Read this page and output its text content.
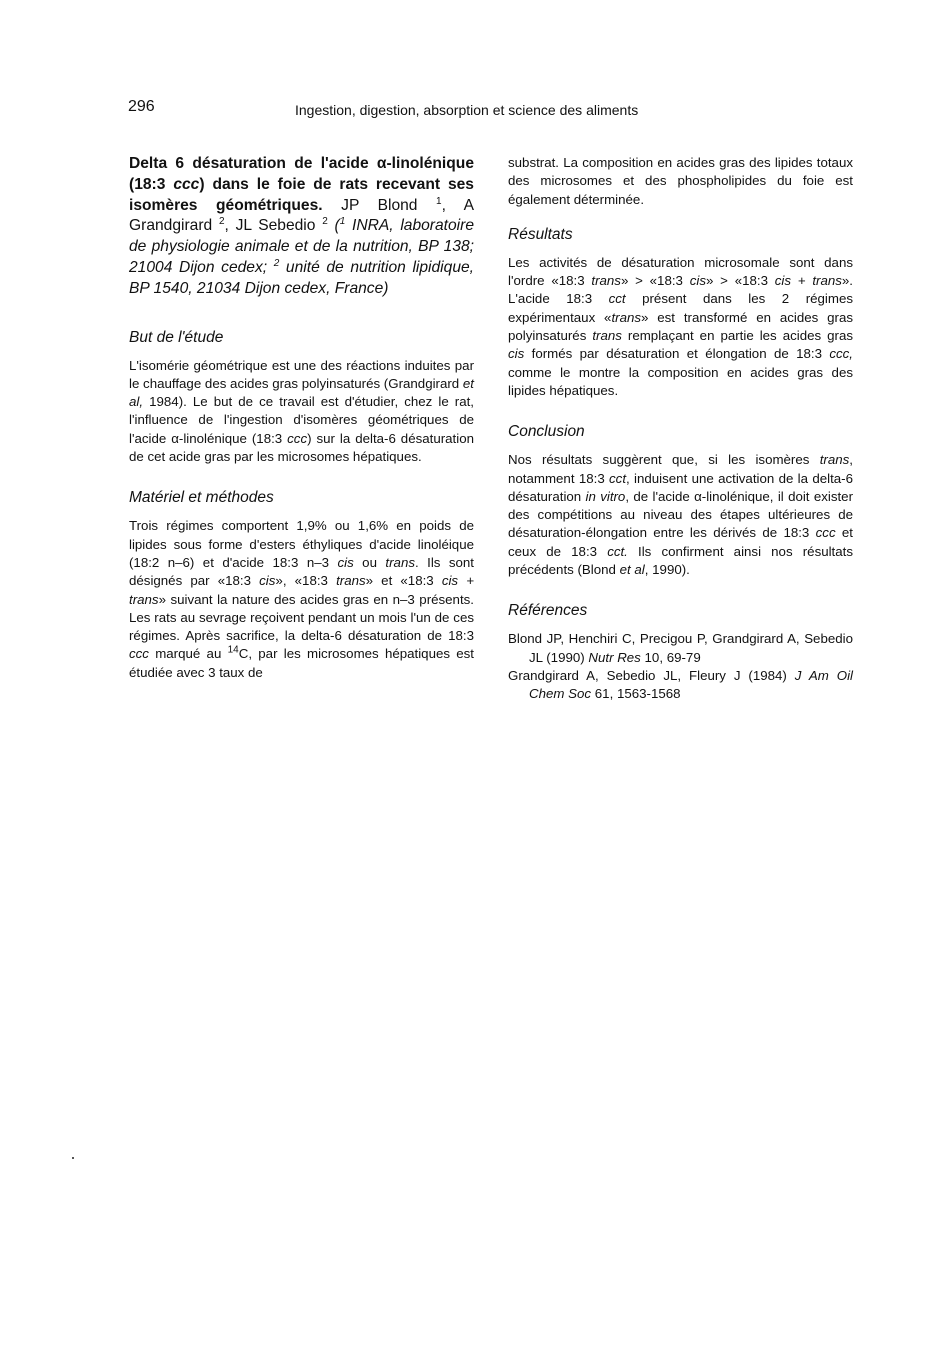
296	Ingestion, digestion, absorption et science des aliments

Delta 6 désaturation de l'acide α-linolénique (18:3 ccc) dans le foie de rats recevant ses isomères géométriques. JP Blond $^1$, A Grandgirard $^2$, JL Sebedio $^2$ ($^1$ INRA, laboratoire de physiologie animale et de la nutrition, BP 138; 21004 Dijon cedex; $^2$ unité de nutrition lipidique, BP 1540, 21034 Dijon cedex, France)

But de l'étude

L'isomérie géométrique est une des réactions induites par le chauffage des acides gras polyinsaturés (Grandgirard et al, 1984). Le but de ce travail est d'étudier, chez le rat, l'influence de l'ingestion d'isomères géométriques de l'acide α-linolénique (18:3 ccc) sur la delta-6 désaturation de cet acide gras par les microsomes hépatiques.

Matériel et méthodes

Trois régimes comportent 1,9% ou 1,6% en poids de lipides sous forme d'esters éthyliques d'acide linoléique (18:2 n–6) et d'acide 18:3 n–3 cis ou trans. Ils sont désignés par «18:3 cis», «18:3 trans» et «18:3 cis + trans» suivant la nature des acides gras en n–3 présents. Les rats au sevrage reçoivent pendant un mois l'un de ces régimes. Après sacrifice, la delta-6 désaturation de 18:3 ccc marqué au $^{14}$C, par les microsomes hépatiques est étudiée avec 3 taux de

substrat. La composition en acides gras des lipides totaux des microsomes et des phospholipides du foie est également déterminée.

Résultats

Les activités de désaturation microsomale sont dans l'ordre «18:3 trans» > «18:3 cis» > «18:3 cis + trans». L'acide 18:3 cct présent dans les 2 régimes expérimentaux «trans» est transformé en acides gras polyinsaturés trans remplaçant en partie les acides gras cis formés par désaturation et élongation de 18:3 ccc, comme le montre la composition en acides gras des lipides hépatiques.

Conclusion

Nos résultats suggèrent que, si les isomères trans, notamment 18:3 cct, induisent une activation de la delta-6 désaturation in vitro, de l'acide α-linolénique, il doit exister des compétitions au niveau des étapes ultérieures de désaturation-élongation entre les dérivés de 18:3 ccc et ceux de 18:3 cct. Ils confirment ainsi nos résultats précédents (Blond et al, 1990).

Références

Blond JP, Henchiri C, Precigou P, Grandgirard A, Sebedio JL (1990) Nutr Res 10, 69-79

Grandgirard A, Sebedio JL, Fleury J (1984) J Am Oil Chem Soc 61, 1563-1568
